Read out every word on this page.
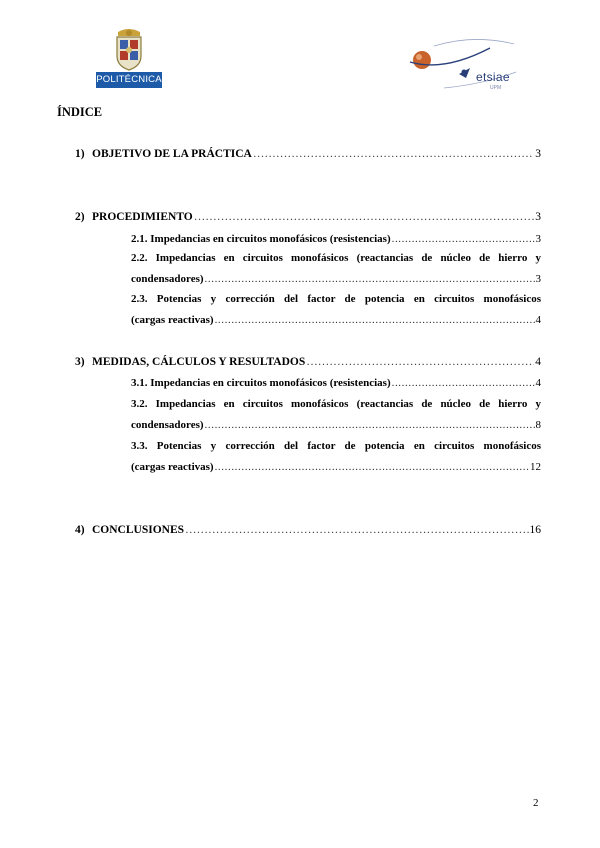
POLITÉCNICA	etsiae
UPM
ÍNDICE
1) OBJETIVO DE LA PRÁCTICA …………………………………………………………………………………………………………………………………………………………	3
2) PROCEDIMIENTO …………………………………………………………………………………………………………………………………………………………	3
2.1. Impedancias en circuitos monofásicos (resistencias) .....	3
2.2. Impedancias en circuitos monofásicos (reactancias de núcleo de hierro y
condensadores) .....	3
2.3. Potencias y corrección del factor de potencia en circuitos monofásicos
(cargas reactivas) .....	4
3) MEDIDAS, CÁLCULOS Y RESULTADOS …………………………………………………………………………………………………………………………………………………………	4
3.1. Impedancias en circuitos monofásicos (resistencias) .....	4
3.2. Impedancias en circuitos monofásicos (reactancias de núcleo de hierro y
condensadores) .....	8
3.3. Potencias y corrección del factor de potencia en circuitos monofásicos
(cargas reactivas) .....	12
4) CONCLUSIONES …………………………………………………………………………………………………………………………………………………………	16
2
